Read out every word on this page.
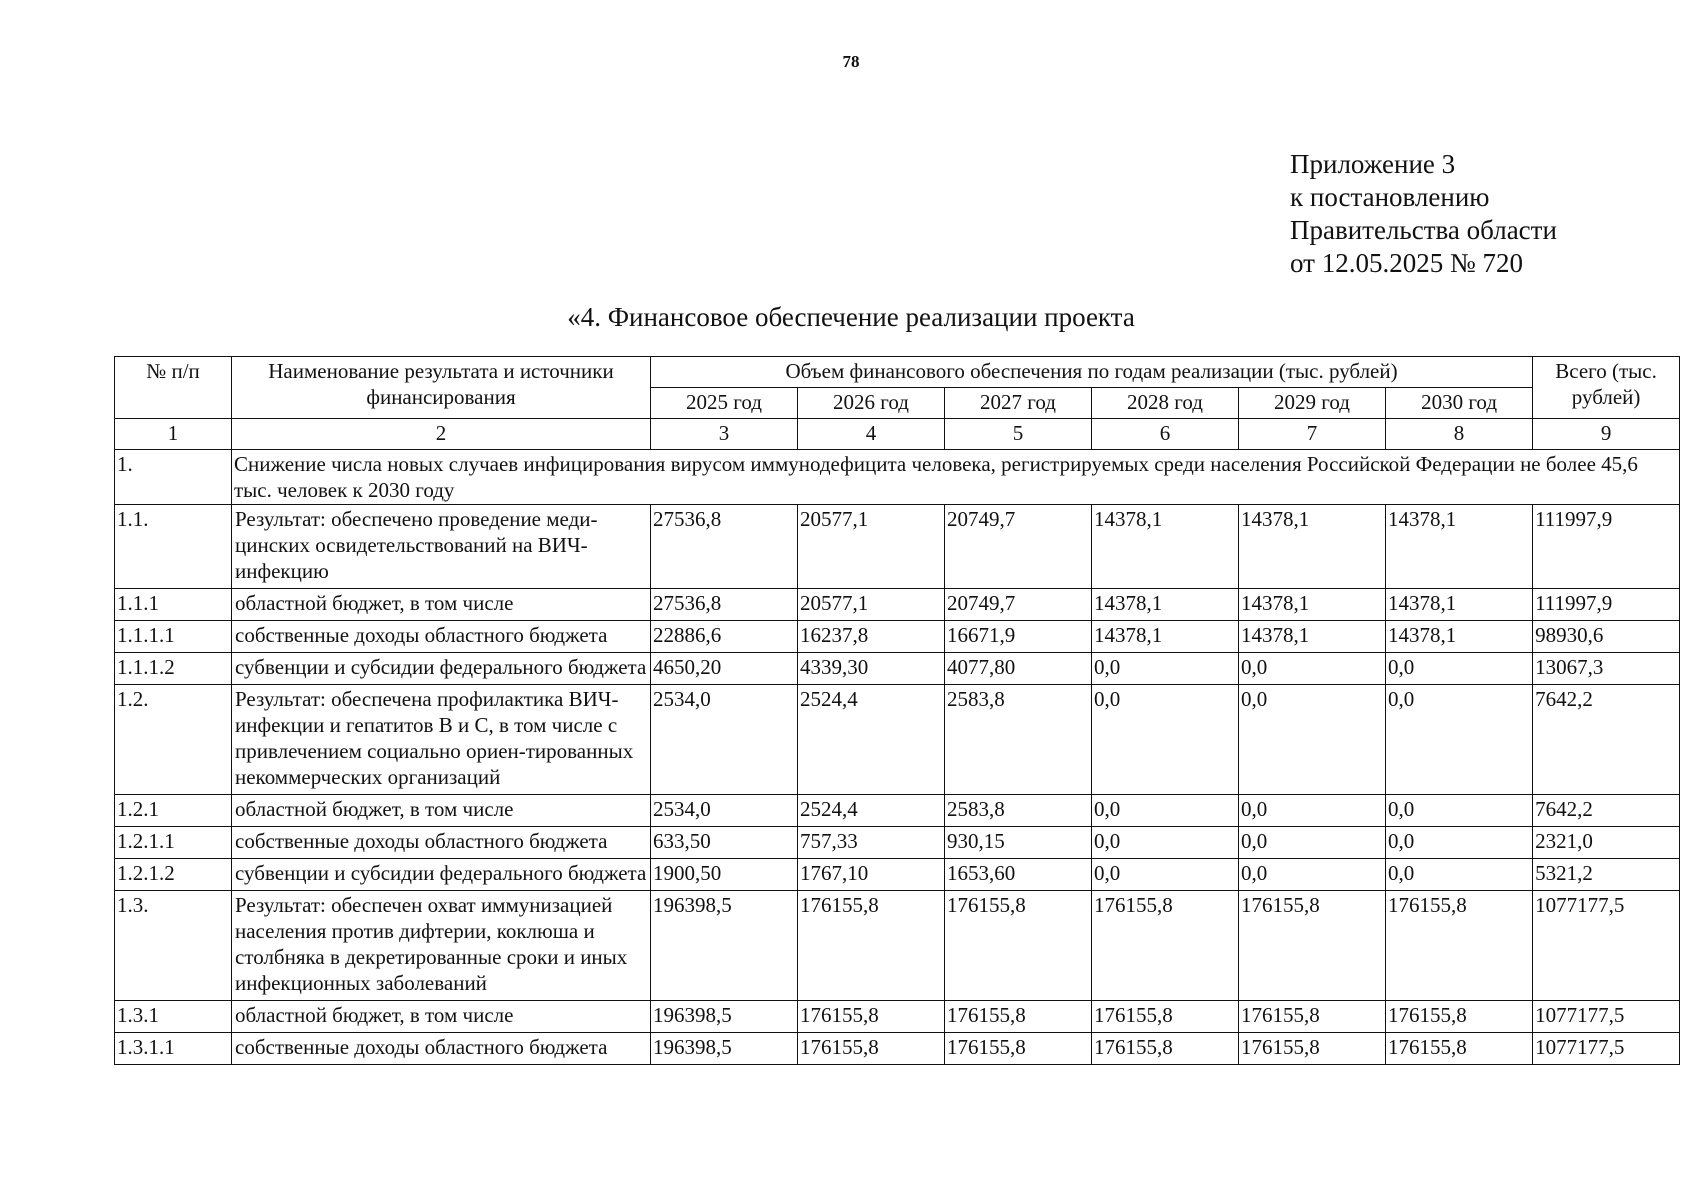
78
Приложение 3
к постановлению
Правительства области
от 12.05.2025 № 720
«4. Финансовое обеспечение реализации проекта
№ п/п	Наименование результата и источники финансирования	Объем финансового обеспечения по годам реализации (тыс. рублей)						Всего (тыс. рублей)
		2025 год	2026 год	2027 год	2028 год	2029 год	2030 год	
1	2	3	4	5	6	7	8	9
1.	Снижение числа новых случаев инфицирования вирусом иммунодефицита человека, регистрируемых среди населения Российской Федерации не более 45,6 тыс. человек к 2030 году							
1.1.	Результат: обеспечено проведение меди-цинских освидетельствований на ВИЧ-инфекцию	27536,8	20577,1	20749,7	14378,1	14378,1	14378,1	111997,9
1.1.1	областной бюджет, в том числе	27536,8	20577,1	20749,7	14378,1	14378,1	14378,1	111997,9
1.1.1.1	собственные доходы областного бюджета	22886,6	16237,8	16671,9	14378,1	14378,1	14378,1	98930,6
1.1.1.2	субвенции и субсидии федерального бюджета	4650,20	4339,30	4077,80	0,0	0,0	0,0	13067,3
1.2.	Результат: обеспечена профилактика ВИЧ-инфекции и гепатитов В и С, в том числе с привлечением социально ориен-тированных некоммерческих организаций	2534,0	2524,4	2583,8	0,0	0,0	0,0	7642,2
1.2.1	областной бюджет, в том числе	2534,0	2524,4	2583,8	0,0	0,0	0,0	7642,2
1.2.1.1	собственные доходы областного бюджета	633,50	757,33	930,15	0,0	0,0	0,0	2321,0
1.2.1.2	субвенции и субсидии федерального бюджета	1900,50	1767,10	1653,60	0,0	0,0	0,0	5321,2
1.3.	Результат: обеспечен охват иммунизацией населения против дифтерии, коклюша и столбняка в декретированные сроки и иных инфекционных заболеваний	196398,5	176155,8	176155,8	176155,8	176155,8	176155,8	1077177,5
1.3.1	областной бюджет, в том числе	196398,5	176155,8	176155,8	176155,8	176155,8	176155,8	1077177,5
1.3.1.1	собственные доходы областного бюджета	196398,5	176155,8	176155,8	176155,8	176155,8	176155,8	1077177,5
